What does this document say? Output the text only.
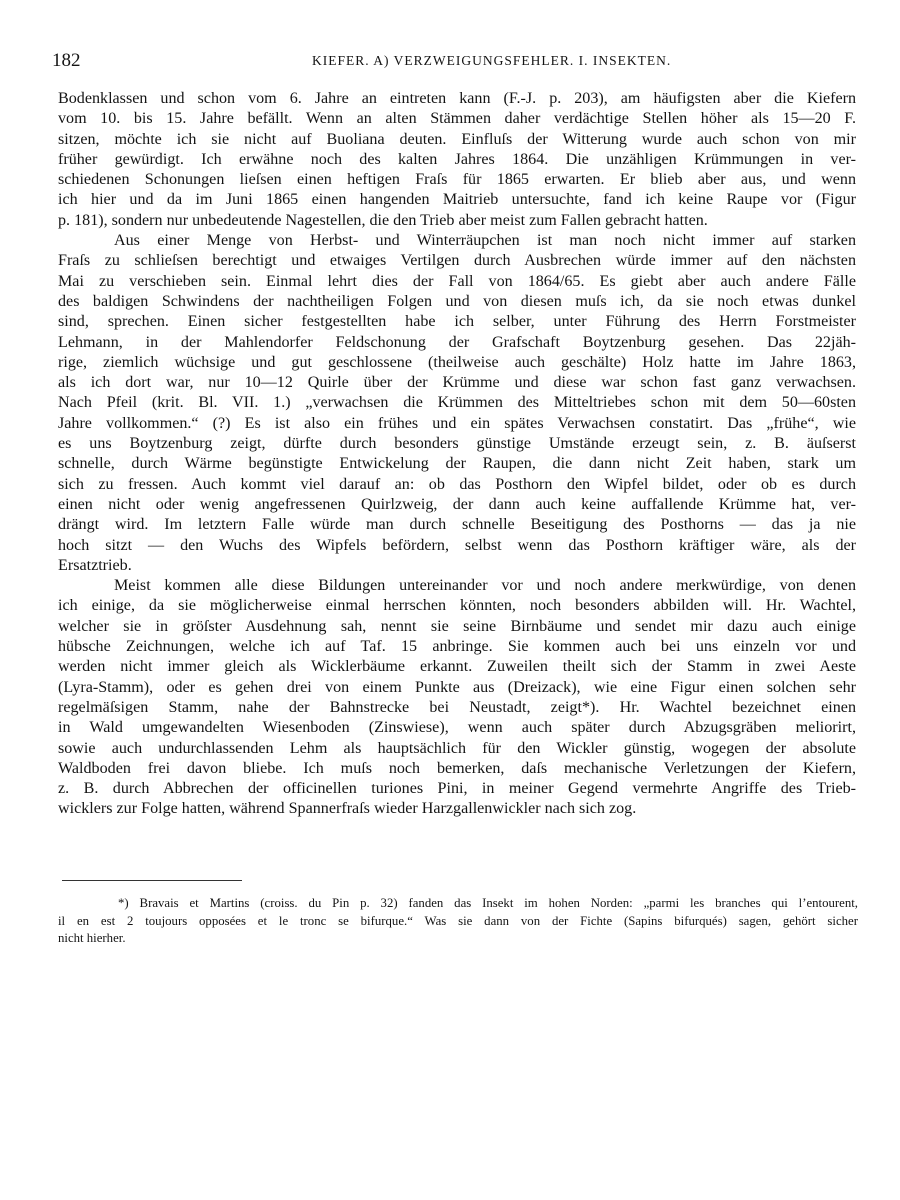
182	KIEFER. A) VERZWEIGUNGSFEHLER. I. INSEKTEN.
Bodenklassen und schon vom 6. Jahre an eintreten kann (F.-J. p. 203), am häufigsten aber die Kiefern
vom 10. bis 15. Jahre befällt. Wenn an alten Stämmen daher verdächtige Stellen höher als 15—20 F.
sitzen, möchte ich sie nicht auf Buoliana deuten. Einfluſs der Witterung wurde auch schon von mir
früher gewürdigt. Ich erwähne noch des kalten Jahres 1864. Die unzähligen Krümmungen in ver-
schiedenen Schonungen lieſsen einen heftigen Fraſs für 1865 erwarten. Er blieb aber aus, und wenn
ich hier und da im Juni 1865 einen hangenden Maitrieb untersuchte, fand ich keine Raupe vor (Figur
p. 181), sondern nur unbedeutende Nagestellen, die den Trieb aber meist zum Fallen gebracht hatten.
Aus einer Menge von Herbst- und Winterräupchen ist man noch nicht immer auf starken
Fraſs zu schlieſsen berechtigt und etwaiges Vertilgen durch Ausbrechen würde immer auf den nächsten
Mai zu verschieben sein. Einmal lehrt dies der Fall von 1864/65. Es giebt aber auch andere Fälle
des baldigen Schwindens der nachtheiligen Folgen und von diesen muſs ich, da sie noch etwas dunkel
sind, sprechen. Einen sicher festgestellten habe ich selber, unter Führung des Herrn Forstmeister
Lehmann, in der Mahlendorfer Feldschonung der Grafschaft Boytzenburg gesehen. Das 22jäh-
rige, ziemlich wüchsige und gut geschlossene (theilweise auch geschälte) Holz hatte im Jahre 1863,
als ich dort war, nur 10—12 Quirle über der Krümme und diese war schon fast ganz verwachsen.
Nach Pfeil (krit. Bl. VII. 1.) „verwachsen die Krümmen des Mitteltriebes schon mit dem 50—60sten
Jahre vollkommen.“ (?) Es ist also ein frühes und ein spätes Verwachsen constatirt. Das „frühe“, wie
es uns Boytzenburg zeigt, dürfte durch besonders günstige Umstände erzeugt sein, z. B. äuſserst
schnelle, durch Wärme begünstigte Entwickelung der Raupen, die dann nicht Zeit haben, stark um
sich zu fressen. Auch kommt viel darauf an: ob das Posthorn den Wipfel bildet, oder ob es durch
einen nicht oder wenig angefressenen Quirlzweig, der dann auch keine auffallende Krümme hat, ver-
drängt wird. Im letztern Falle würde man durch schnelle Beseitigung des Posthorns — das ja nie
hoch sitzt — den Wuchs des Wipfels befördern, selbst wenn das Posthorn kräftiger wäre, als der
Ersatztrieb.
Meist kommen alle diese Bildungen untereinander vor und noch andere merkwürdige, von denen
ich einige, da sie möglicherweise einmal herrschen könnten, noch besonders abbilden will. Hr. Wachtel,
welcher sie in gröſster Ausdehnung sah, nennt sie seine Birnbäume und sendet mir dazu auch einige
hübsche Zeichnungen, welche ich auf Taf. 15 anbringe. Sie kommen auch bei uns einzeln vor und
werden nicht immer gleich als Wicklerbäume erkannt. Zuweilen theilt sich der Stamm in zwei Aeste
(Lyra-Stamm), oder es gehen drei von einem Punkte aus (Dreizack), wie eine Figur einen solchen sehr
regelmäſsigen Stamm, nahe der Bahnstrecke bei Neustadt, zeigt*). Hr. Wachtel bezeichnet einen
in Wald umgewandelten Wiesenboden (Zinswiese), wenn auch später durch Abzugsgräben meliorirt,
sowie auch undurchlassenden Lehm als hauptsächlich für den Wickler günstig, wogegen der absolute
Waldboden frei davon bliebe. Ich muſs noch bemerken, daſs mechanische Verletzungen der Kiefern,
z. B. durch Abbrechen der officinellen turiones Pini, in meiner Gegend vermehrte Angriffe des Trieb-
wicklers zur Folge hatten, während Spannerfraſs wieder Harzgallenwickler nach sich zog.
*) Bravais et Martins (croiss. du Pin p. 32) fanden das Insekt im hohen Norden: „parmi les branches qui l’entourent,
il en est 2 toujours opposées et le tronc se bifurque.“ Was sie dann von der Fichte (Sapins bifurqués) sagen, gehört sicher
nicht hierher.
